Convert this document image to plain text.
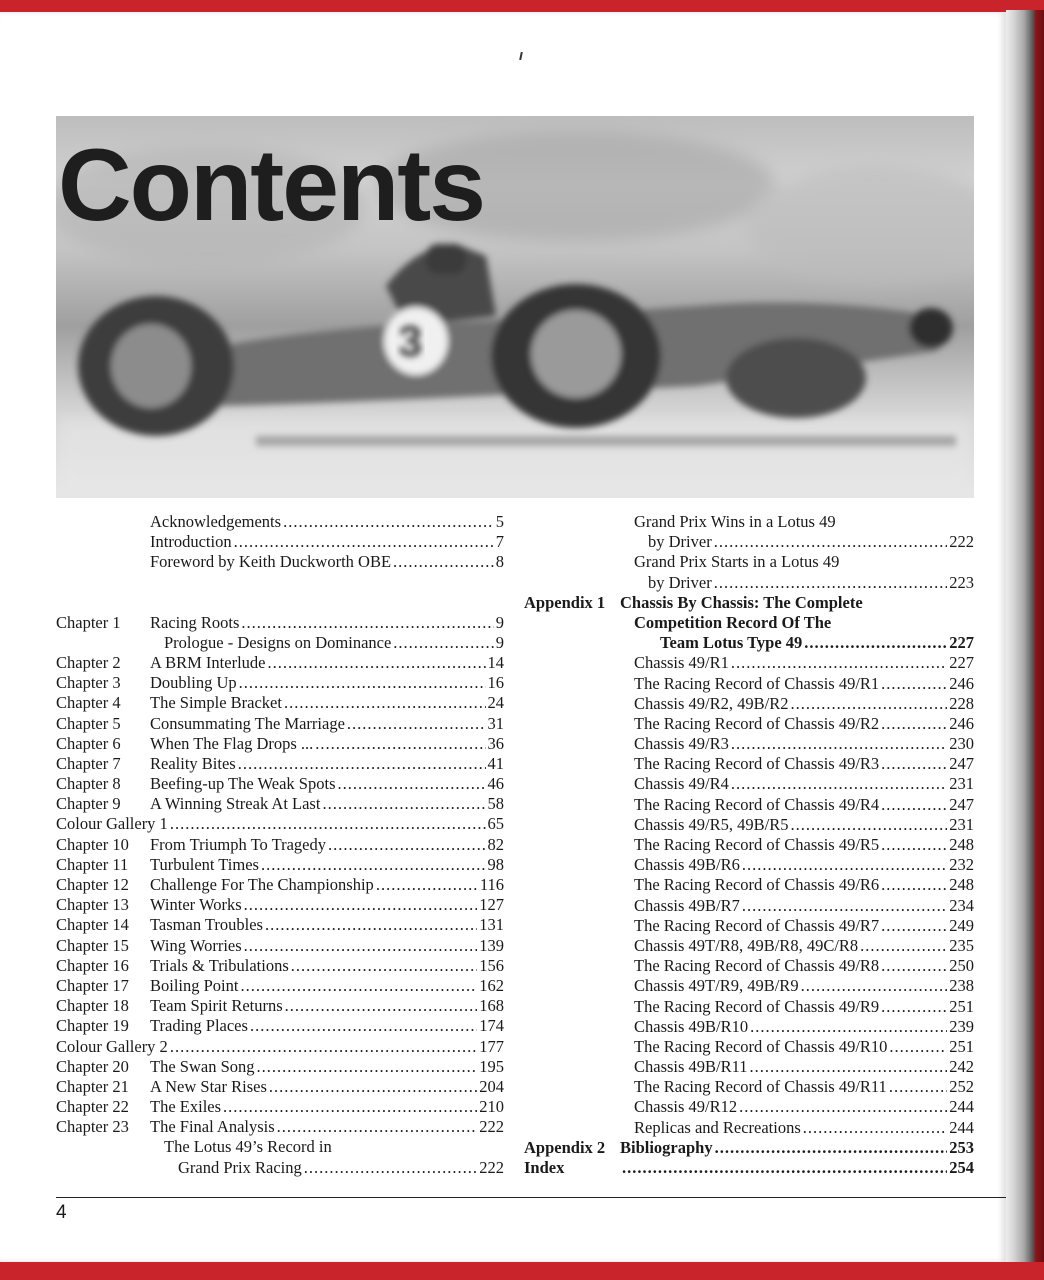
3
Contents
Acknowledgements .....	5
Introduction .....	7
Foreword by Keith Duckworth OBE .....	8
Chapter 1	Racing Roots .....	9
Prologue - Designs on Dominance .....	9
Chapter 2	A BRM Interlude .....	14
Chapter 3	Doubling Up .....	16
Chapter 4	The Simple Bracket .....	24
Chapter 5	Consummating The Marriage .....	31
Chapter 6	When The Flag Drops ... .....	36
Chapter 7	Reality Bites .....	41
Chapter 8	Beefing-up The Weak Spots .....	46
Chapter 9	A Winning Streak At Last .....	58
Colour Gallery 1 .....	65
Chapter 10	From Triumph To Tragedy .....	82
Chapter 11	Turbulent Times .....	98
Chapter 12	Challenge For The Championship .....	116
Chapter 13	Winter Works .....	127
Chapter 14	Tasman Troubles .....	131
Chapter 15	Wing Worries .....	139
Chapter 16	Trials & Tribulations .....	156
Chapter 17	Boiling Point .....	162
Chapter 18	Team Spirit Returns .....	168
Chapter 19	Trading Places .....	174
Colour Gallery 2 .....	177
Chapter 20	The Swan Song .....	195
Chapter 21	A New Star Rises .....	204
Chapter 22	The Exiles .....	210
Chapter 23	The Final Analysis .....	222
The Lotus 49’s Record in
Grand Prix Racing .....	222
Grand Prix Wins in a Lotus 49
by Driver .....	222
Grand Prix Starts in a Lotus 49
by Driver .....	223
Appendix 1 Chassis By Chassis: The Complete
Competition Record Of The
Team Lotus Type 49 .....	227
Chassis 49/R1 .....	227
The Racing Record of Chassis 49/R1 .....	246
Chassis 49/R2, 49B/R2 .....	228
The Racing Record of Chassis 49/R2 .....	246
Chassis 49/R3 .....	230
The Racing Record of Chassis 49/R3 .....	247
Chassis 49/R4 .....	231
The Racing Record of Chassis 49/R4 .....	247
Chassis 49/R5, 49B/R5 .....	231
The Racing Record of Chassis 49/R5 .....	248
Chassis 49B/R6 .....	232
The Racing Record of Chassis 49/R6 .....	248
Chassis 49B/R7 .....	234
The Racing Record of Chassis 49/R7 .....	249
Chassis 49T/R8, 49B/R8, 49C/R8 .....	235
The Racing Record of Chassis 49/R8 .....	250
Chassis 49T/R9, 49B/R9 .....	238
The Racing Record of Chassis 49/R9 .....	251
Chassis 49B/R10 .....	239
The Racing Record of Chassis 49/R10 .....	251
Chassis 49B/R11 .....	242
The Racing Record of Chassis 49/R11 .....	252
Chassis 49/R12 .....	244
Replicas and Recreations .....	244
Appendix 2 Bibliography .....	253
Index .....	254
4
